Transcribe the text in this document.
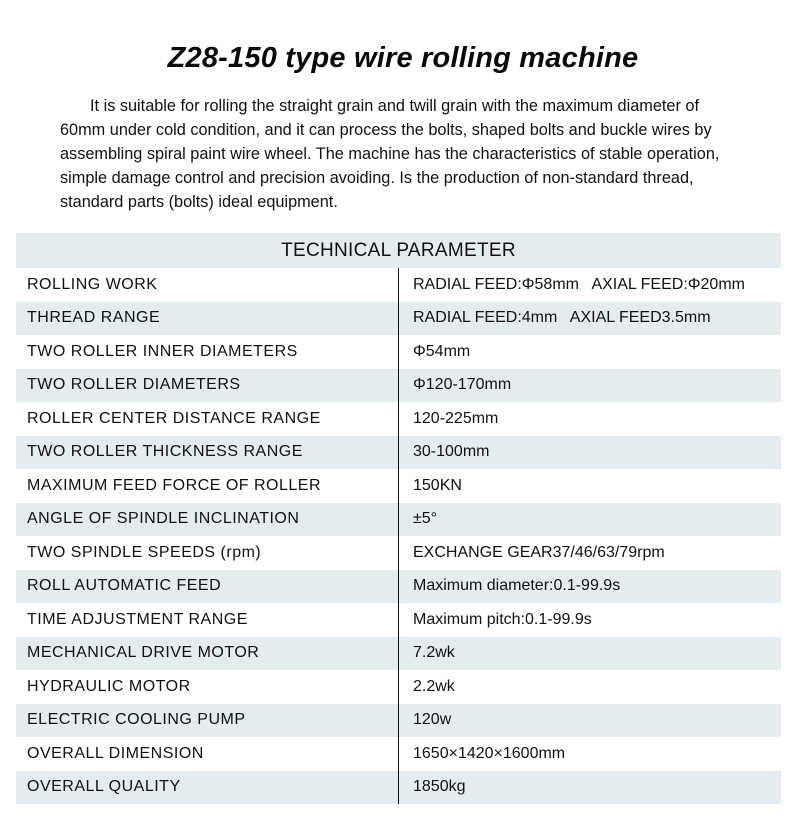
Z28-150 type wire rolling machine

It is suitable for rolling the straight grain and twill grain with the maximum diameter of 60mm under cold condition, and it can process the bolts, shaped bolts and buckle wires by assembling spiral paint wire wheel. The machine has the characteristics of stable operation, simple damage control and precision avoiding. Is the production of non-standard thread, standard parts (bolts) ideal equipment.

TECHNICAL PARAMETER	
ROLLING WORK	RADIAL FEED:Φ58mm   AXIAL FEED:Φ20mm
THREAD RANGE	RADIAL FEED:4mm   AXIAL FEED3.5mm
TWO ROLLER INNER DIAMETERS	Φ54mm
TWO ROLLER DIAMETERS	Φ120-170mm
ROLLER CENTER DISTANCE RANGE	120-225mm
TWO ROLLER THICKNESS RANGE	30-100mm
MAXIMUM FEED FORCE OF ROLLER	150KN
ANGLE OF SPINDLE INCLINATION	±5°
TWO SPINDLE SPEEDS (rpm)	EXCHANGE GEAR37/46/63/79rpm
ROLL AUTOMATIC FEED	Maximum diameter:0.1-99.9s
TIME ADJUSTMENT RANGE	Maximum pitch:0.1-99.9s
MECHANICAL DRIVE MOTOR	7.2wk
HYDRAULIC MOTOR	2.2wk
ELECTRIC COOLING PUMP	120w
OVERALL DIMENSION	1650×1420×1600mm
OVERALL QUALITY	1850kg
